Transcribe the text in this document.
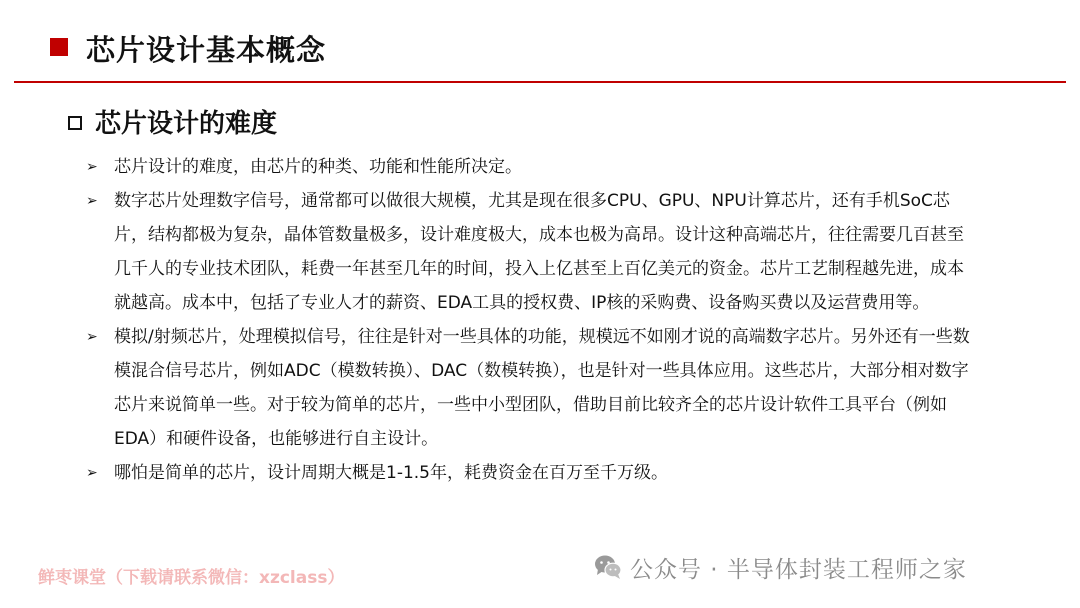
芯片设计基本概念
芯片设计的难度
➢ 芯片设计的难度，由芯片的种类、功能和性能所决定。
➢ 数字芯片处理数字信号，通常都可以做很大规模，尤其是现在很多CPU、GPU、NPU计算芯片，还有手机SoC芯片，结构都极为复杂，晶体管数量极多，设计难度极大，成本也极为高昂。设计这种高端芯片，往往需要几百甚至几千人的专业技术团队，耗费一年甚至几年的时间，投入上亿甚至上百亿美元的资金。芯片工艺制程越先进，成本就越高。成本中，包括了专业人才的薪资、EDA工具的授权费、IP核的采购费、设备购买费以及运营费用等。
➢ 模拟/射频芯片，处理模拟信号，往往是针对一些具体的功能，规模远不如刚才说的高端数字芯片。另外还有一些数模混合信号芯片，例如ADC（模数转换）、DAC（数模转换），也是针对一些具体应用。这些芯片，大部分相对数字芯片来说简单一些。对于较为简单的芯片，一些中小型团队，借助目前比较齐全的芯片设计软件工具平台（例如EDA）和硬件设备，也能够进行自主设计。
➢ 哪怕是简单的芯片，设计周期大概是1-1.5年，耗费资金在百万至千万级。
鲜枣课堂（下载请联系微信：xzclass）	公众号 · 半导体封装工程师之家
